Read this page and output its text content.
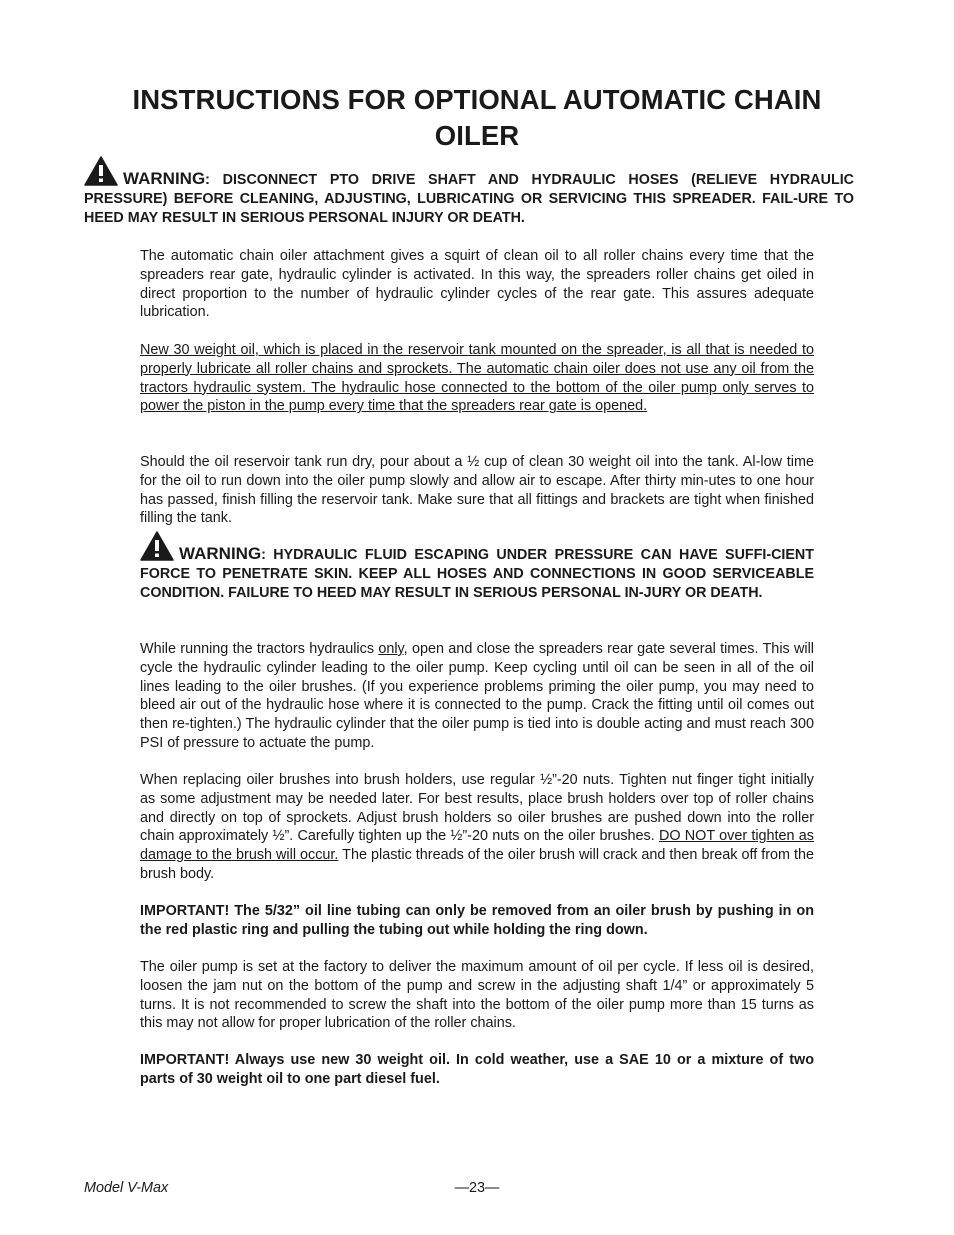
INSTRUCTIONS FOR OPTIONAL AUTOMATIC CHAIN
OILER

WARNING: DISCONNECT PTO DRIVE SHAFT AND HYDRAULIC HOSES (RELIEVE HYDRAULIC PRESSURE) BEFORE CLEANING, ADJUSTING, LUBRICATING OR SERVICING THIS SPREADER. FAIL-URE TO HEED MAY RESULT IN SERIOUS PERSONAL INJURY OR DEATH.

The automatic chain oiler attachment gives a squirt of clean oil to all roller chains every time that the spreaders rear gate, hydraulic cylinder is activated. In this way, the spreaders roller chains get oiled in direct proportion to the number of hydraulic cylinder cycles of the rear gate. This assures adequate lubrication.

New 30 weight oil, which is placed in the reservoir tank mounted on the spreader, is all that is needed to properly lubricate all roller chains and sprockets. The automatic chain oiler does not use any oil from the tractors hydraulic system. The hydraulic hose connected to the bottom of the oiler pump only serves to power the piston in the pump every time that the spreaders rear gate is opened.

Should the oil reservoir tank run dry, pour about a ½ cup of clean 30 weight oil into the tank. Al-low time for the oil to run down into the oiler pump slowly and allow air to escape. After thirty min-utes to one hour has passed, finish filling the reservoir tank. Make sure that all fittings and brackets are tight when finished filling the tank.

WARNING: HYDRAULIC FLUID ESCAPING UNDER PRESSURE CAN HAVE SUFFI-CIENT FORCE TO PENETRATE SKIN. KEEP ALL HOSES AND CONNECTIONS IN GOOD SERVICEABLE CONDITION. FAILURE TO HEED MAY RESULT IN SERIOUS PERSONAL IN-JURY OR DEATH.

While running the tractors hydraulics only, open and close the spreaders rear gate several times. This will cycle the hydraulic cylinder leading to the oiler pump. Keep cycling until oil can be seen in all of the oil lines leading to the oiler brushes. (If you experience problems priming the oiler pump, you may need to bleed air out of the hydraulic hose where it is connected to the pump. Crack the fitting until oil comes out then re-tighten.) The hydraulic cylinder that the oiler pump is tied into is double acting and must reach 300 PSI of pressure to actuate the pump.

When replacing oiler brushes into brush holders, use regular ½”-20 nuts. Tighten nut finger tight initially as some adjustment may be needed later. For best results, place brush holders over top of roller chains and directly on top of sprockets. Adjust brush holders so oiler brushes are pushed down into the roller chain approximately ½”. Carefully tighten up the ½”-20 nuts on the oiler brushes. DO NOT over tighten as damage to the brush will occur. The plastic threads of the oiler brush will crack and then break off from the brush body.

IMPORTANT! The 5/32” oil line tubing can only be removed from an oiler brush by pushing in on the red plastic ring and pulling the tubing out while holding the ring down.

The oiler pump is set at the factory to deliver the maximum amount of oil per cycle. If less oil is desired, loosen the jam nut on the bottom of the pump and screw in the adjusting shaft 1/4” or approximately 5 turns. It is not recommended to screw the shaft into the bottom of the oiler pump more than 15 turns as this may not allow for proper lubrication of the roller chains.

IMPORTANT! Always use new 30 weight oil. In cold weather, use a SAE 10 or a mixture of two parts of 30 weight oil to one part diesel fuel.

—23—

Model V-Max
